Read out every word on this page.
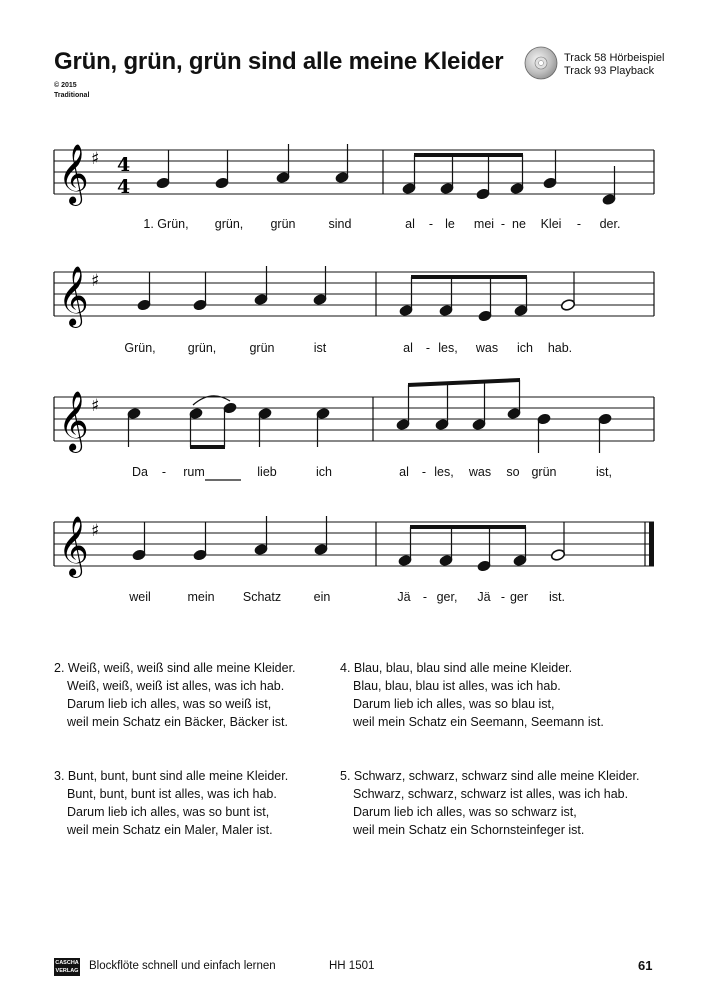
Grün, grün, grün sind alle meine Kleider
© 2015
Traditional
Track 58 Hörbeispiel
Track 93 Playback
𝄞 ♯ 4
4
1. Grün, grün, grün	sind	al - le mei - ne Klei - der.
𝄞 ♯
Grün,	grün,	grün	ist	al - les, was ich hab.
𝄞 ♯
Da - rum	lieb	ich	al - les, was so grün	ist,
𝄞 ♯
weil	mein Schatz	ein	Jä - ger, Jä - ger ist.
2. Weiß, weiß, weiß sind alle meine Kleider.
Weiß, weiß, weiß ist alles, was ich hab.
Darum lieb ich alles, was so weiß ist,
weil mein Schatz ein Bäcker, Bäcker ist.
4. Blau, blau, blau sind alle meine Kleider.
Blau, blau, blau ist alles, was ich hab.
Darum lieb ich alles, was so blau ist,
weil mein Schatz ein Seemann, Seemann ist.
3. Bunt, bunt, bunt sind alle meine Kleider.
Bunt, bunt, bunt ist alles, was ich hab.
Darum lieb ich alles, was so bunt ist,
weil mein Schatz ein Maler, Maler ist.
5. Schwarz, schwarz, schwarz sind alle meine Kleider.
Schwarz, schwarz, schwarz ist alles, was ich hab.
Darum lieb ich alles, was so schwarz ist,
weil mein Schatz ein Schornsteinfeger ist.
CASCHA VERLAG Blockflöte schnell und einfach lernen	HH 1501	61
